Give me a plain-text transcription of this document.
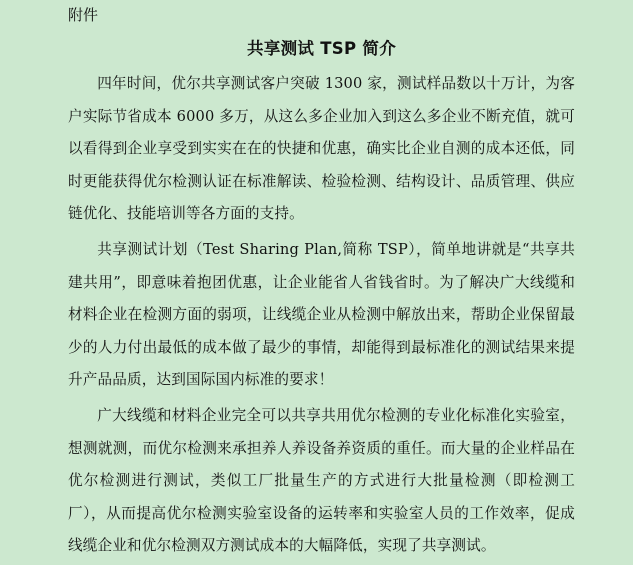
附件

共享测试 TSP 简介

四年时间，优尔共享测试客户突破 1300 家，测试样品数以十万计，为客户实际节省成本 6000 多万，从这么多企业加入到这么多企业不断充值，就可以看得到企业享受到实实在在的快捷和优惠，确实比企业自测的成本还低，同时更能获得优尔检测认证在标准解读、检验检测、结构设计、品质管理、供应链优化、技能培训等各方面的支持。

共享测试计划（Test Sharing Plan,简称 TSP），简单地讲就是“共享共建共用”，即意味着抱团优惠，让企业能省人省钱省时。为了解决广大线缆和材料企业在检测方面的弱项，让线缆企业从检测中解放出来，帮助企业保留最少的人力付出最低的成本做了最少的事情，却能得到最标准化的测试结果来提升产品品质，达到国际国内标准的要求！

广大线缆和材料企业完全可以共享共用优尔检测的专业化标准化实验室，想测就测，而优尔检测来承担养人养设备养资质的重任。而大量的企业样品在优尔检测进行测试，类似工厂批量生产的方式进行大批量检测（即检测工厂），从而提高优尔检测实验室设备的运转率和实验室人员的工作效率，促成线缆企业和优尔检测双方测试成本的大幅降低，实现了共享测试。
